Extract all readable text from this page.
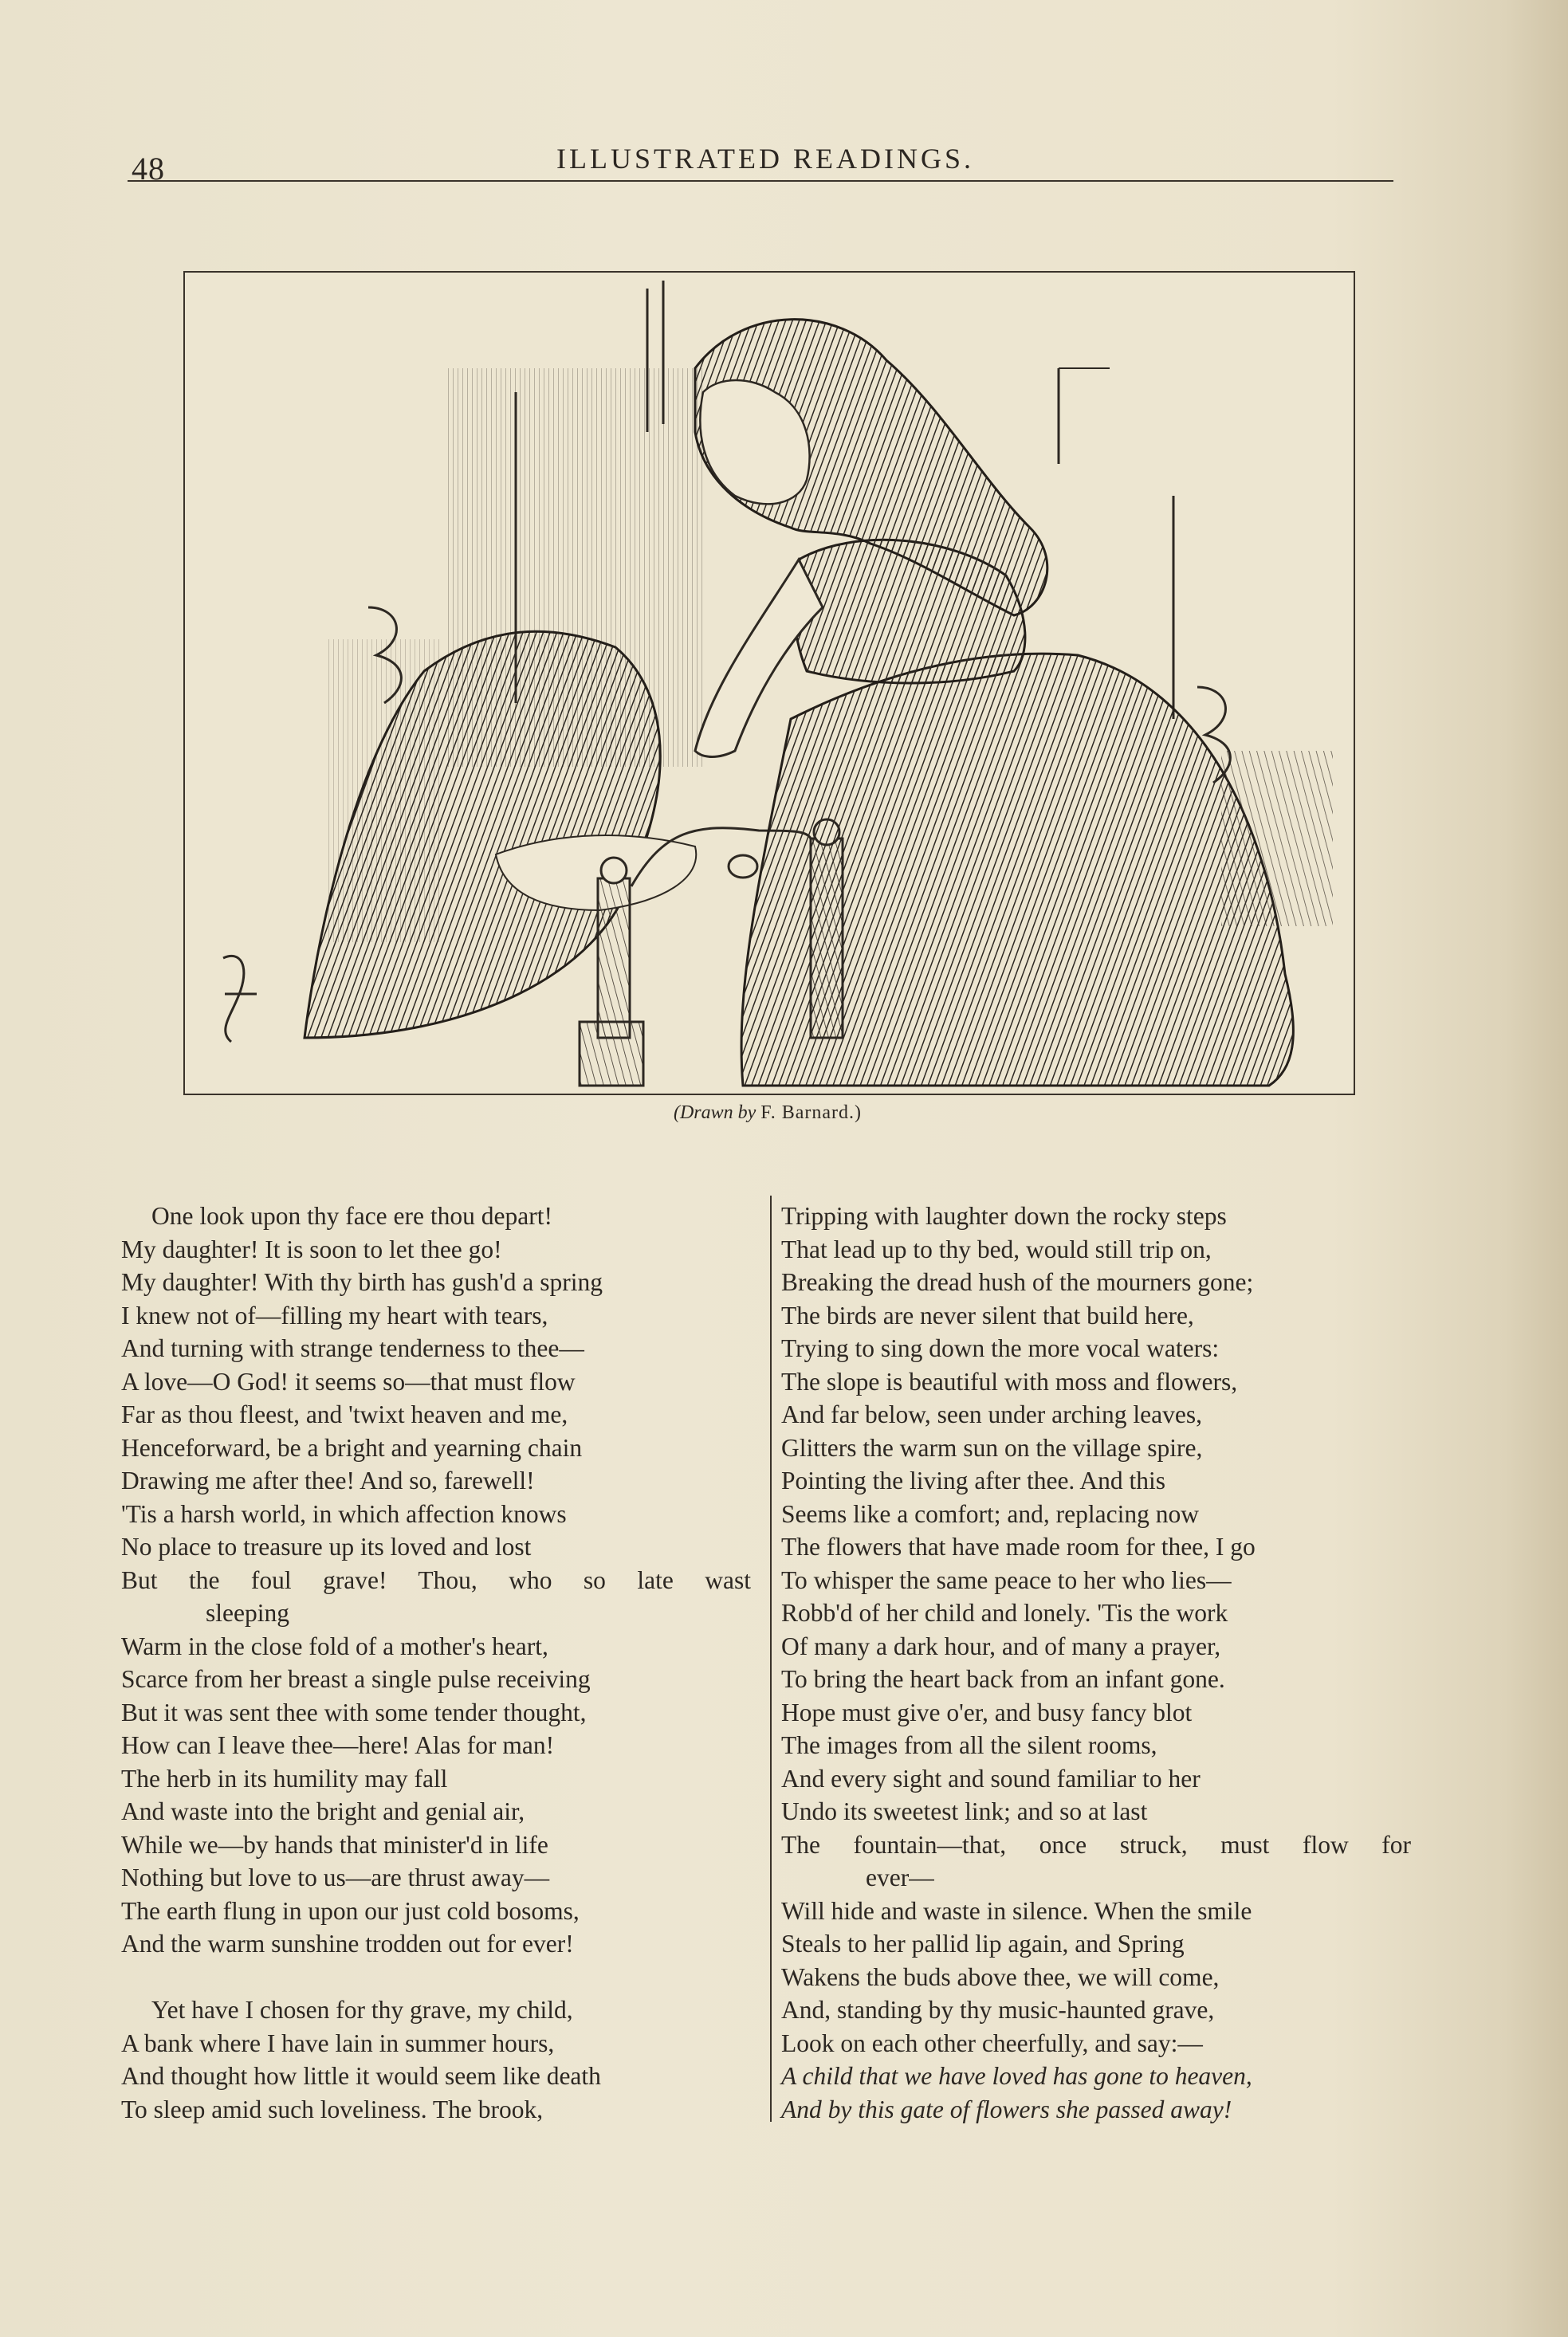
48	ILLUSTRATED READINGS.
(Drawn by F. Barnard.)
One look upon thy face ere thou depart!
My daughter! It is soon to let thee go!
My daughter! With thy birth has gush'd a spring
I knew not of—filling my heart with tears,
And turning with strange tenderness to thee—
A love—O God! it seems so—that must flow
Far as thou fleest, and 'twixt heaven and me,
Henceforward, be a bright and yearning chain
Drawing me after thee! And so, farewell!
'Tis a harsh world, in which affection knows
No place to treasure up its loved and lost
But the foul grave! Thou, who so late wast
sleeping
Warm in the close fold of a mother's heart,
Scarce from her breast a single pulse receiving
But it was sent thee with some tender thought,
How can I leave thee—here! Alas for man!
The herb in its humility may fall
And waste into the bright and genial air,
While we—by hands that minister'd in life
Nothing but love to us—are thrust away—
The earth flung in upon our just cold bosoms,
And the warm sunshine trodden out for ever!
Yet have I chosen for thy grave, my child,
A bank where I have lain in summer hours,
And thought how little it would seem like death
To sleep amid such loveliness. The brook,
Tripping with laughter down the rocky steps
That lead up to thy bed, would still trip on,
Breaking the dread hush of the mourners gone;
The birds are never silent that build here,
Trying to sing down the more vocal waters:
The slope is beautiful with moss and flowers,
And far below, seen under arching leaves,
Glitters the warm sun on the village spire,
Pointing the living after thee. And this
Seems like a comfort; and, replacing now
The flowers that have made room for thee, I go
To whisper the same peace to her who lies—
Robb'd of her child and lonely. 'Tis the work
Of many a dark hour, and of many a prayer,
To bring the heart back from an infant gone.
Hope must give o'er, and busy fancy blot
The images from all the silent rooms,
And every sight and sound familiar to her
Undo its sweetest link; and so at last
The fountain—that, once struck, must flow for
ever—
Will hide and waste in silence. When the smile
Steals to her pallid lip again, and Spring
Wakens the buds above thee, we will come,
And, standing by thy music-haunted grave,
Look on each other cheerfully, and say:—
A child that we have loved has gone to heaven,
And by this gate of flowers she passed away!
